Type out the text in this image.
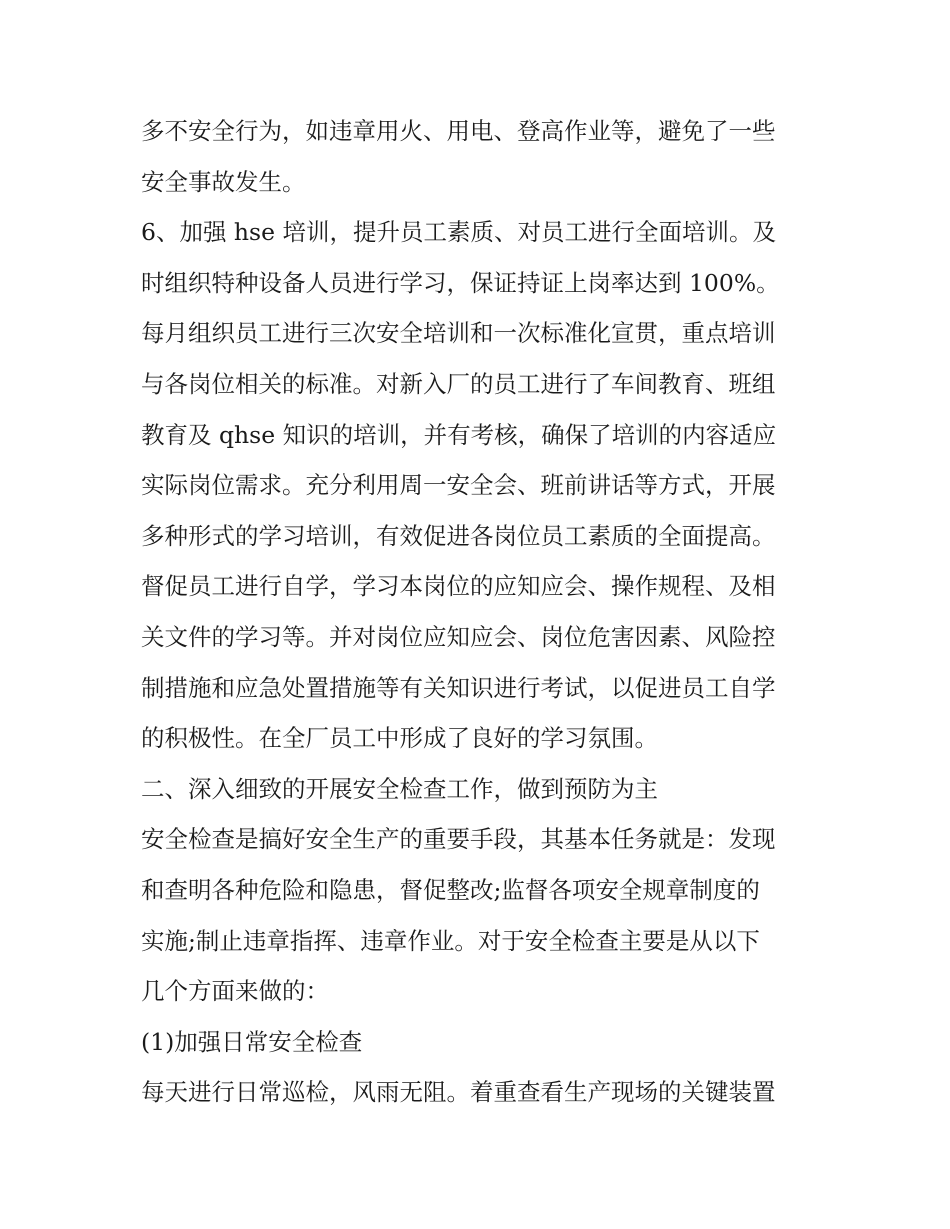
多不安全行为，如违章用火、用电、登高作业等，避免了一些

安全事故发生。

6、加强 hse 培训，提升员工素质、对员工进行全面培训。及

时组织特种设备人员进行学习，保证持证上岗率达到 100%。

每月组织员工进行三次安全培训和一次标准化宣贯，重点培训

与各岗位相关的标准。对新入厂的员工进行了车间教育、班组

教育及 qhse 知识的培训，并有考核，确保了培训的内容适应

实际岗位需求。充分利用周一安全会、班前讲话等方式，开展

多种形式的学习培训，有效促进各岗位员工素质的全面提高。

督促员工进行自学，学习本岗位的应知应会、操作规程、及相

关文件的学习等。并对岗位应知应会、岗位危害因素、风险控

制措施和应急处置措施等有关知识进行考试，以促进员工自学

的积极性。在全厂员工中形成了良好的学习氛围。

二、深入细致的开展安全检查工作，做到预防为主

安全检查是搞好安全生产的重要手段，其基本任务就是：发现

和查明各种危险和隐患，督促整改;监督各项安全规章制度的

实施;制止违章指挥、违章作业。对于安全检查主要是从以下

几个方面来做的：

(1)加强日常安全检查

每天进行日常巡检，风雨无阻。着重查看生产现场的关键装置
